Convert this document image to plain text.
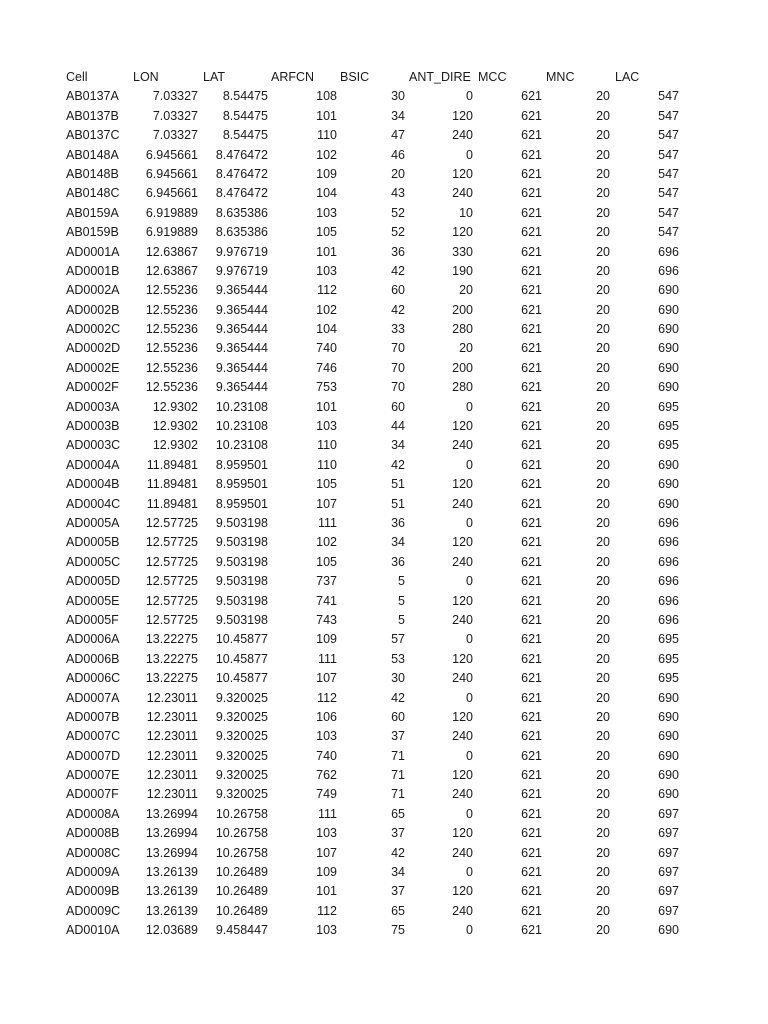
Cell	LON	LAT	ARFCN BSIC	ANT_DIRE MCC	MNC	LAC
AB0137A	7.03327 8.54475	108	30	0	621	20	547
AB0137B	7.03327 8.54475	101	34	120	621	20	547
AB0137C	7.03327 8.54475	110	47	240	621	20	547
AB0148A 6.945661 8.476472	102	46	0	621	20	547
AB0148B 6.945661 8.476472	109	20	120	621	20	547
AB0148C 6.945661 8.476472	104	43	240	621	20	547
AB0159A 6.919889 8.635386	103	52	10	621	20	547
AB0159B 6.919889 8.635386	105	52	120	621	20	547
AD0001A 12.63867 9.976719	101	36	330	621	20	696
AD0001B 12.63867 9.976719	103	42	190	621	20	696
AD0002A 12.55236 9.365444	112	60	20	621	20	690
AD0002B 12.55236 9.365444	102	42	200	621	20	690
AD0002C 12.55236 9.365444	104	33	280	621	20	690
AD0002D 12.55236 9.365444	740	70	20	621	20	690
AD0002E 12.55236 9.365444	746	70	200	621	20	690
AD0002F 12.55236 9.365444	753	70	280	621	20	690
AD0003A	12.9302 10.23108	101	60	0	621	20	695
AD0003B	12.9302 10.23108	103	44	120	621	20	695
AD0003C	12.9302 10.23108	110	34	240	621	20	695
AD0004A 11.89481 8.959501	110	42	0	621	20	690
AD0004B 11.89481 8.959501	105	51	120	621	20	690
AD0004C 11.89481 8.959501	107	51	240	621	20	690
AD0005A 12.57725 9.503198	111	36	0	621	20	696
AD0005B 12.57725 9.503198	102	34	120	621	20	696
AD0005C 12.57725 9.503198	105	36	240	621	20	696
AD0005D 12.57725 9.503198	737	5	0	621	20	696
AD0005E 12.57725 9.503198	741	5	120	621	20	696
AD0005F 12.57725 9.503198	743	5	240	621	20	696
AD0006A 13.22275 10.45877	109	57	0	621	20	695
AD0006B 13.22275 10.45877	111	53	120	621	20	695
AD0006C 13.22275 10.45877	107	30	240	621	20	695
AD0007A 12.23011 9.320025	112	42	0	621	20	690
AD0007B 12.23011 9.320025	106	60	120	621	20	690
AD0007C 12.23011 9.320025	103	37	240	621	20	690
AD0007D 12.23011 9.320025	740	71	0	621	20	690
AD0007E 12.23011 9.320025	762	71	120	621	20	690
AD0007F 12.23011 9.320025	749	71	240	621	20	690
AD0008A 13.26994 10.26758	111	65	0	621	20	697
AD0008B 13.26994 10.26758	103	37	120	621	20	697
AD0008C 13.26994 10.26758	107	42	240	621	20	697
AD0009A 13.26139 10.26489	109	34	0	621	20	697
AD0009B 13.26139 10.26489	101	37	120	621	20	697
AD0009C 13.26139 10.26489	112	65	240	621	20	697
AD0010A 12.03689 9.458447	103	75	0	621	20	690
